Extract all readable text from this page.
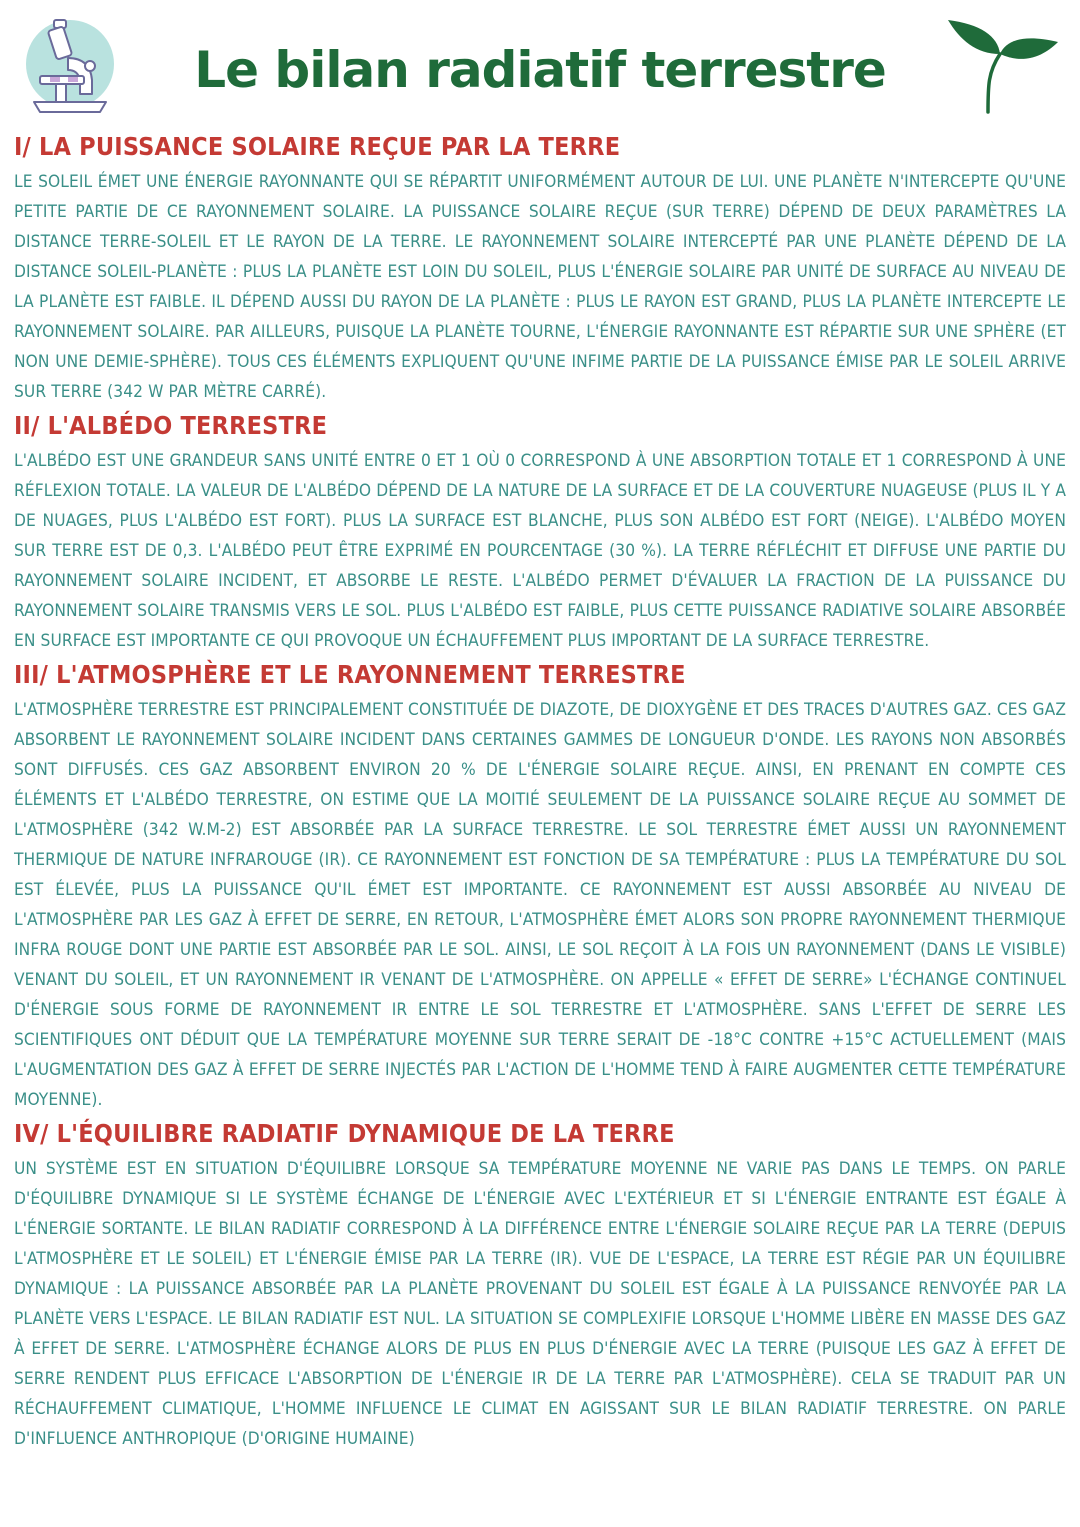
Le bilan radiatif terrestre
I/ LA PUISSANCE SOLAIRE REÇUE PAR LA TERRE

LE SOLEIL ÉMET UNE ÉNERGIE RAYONNANTE QUI SE RÉPARTIT UNIFORMÉMENT AUTOUR DE LUI. UNE PLANÈTE N'INTERCEPTE QU'UNE PETITE PARTIE DE CE RAYONNEMENT SOLAIRE. LA PUISSANCE SOLAIRE REÇUE (SUR TERRE) DÉPEND DE DEUX PARAMÈTRES LA DISTANCE TERRE-SOLEIL ET LE RAYON DE LA TERRE. LE RAYONNEMENT SOLAIRE INTERCEPTÉ PAR UNE PLANÈTE DÉPEND DE LA DISTANCE SOLEIL-PLANÈTE : PLUS LA PLANÈTE EST LOIN DU SOLEIL, PLUS L'ÉNERGIE SOLAIRE PAR UNITÉ DE SURFACE AU NIVEAU DE LA PLANÈTE EST FAIBLE. IL DÉPEND AUSSI DU RAYON DE LA PLANÈTE : PLUS LE RAYON EST GRAND, PLUS LA PLANÈTE INTERCEPTE LE RAYONNEMENT SOLAIRE. PAR AILLEURS, PUISQUE LA PLANÈTE TOURNE, L'ÉNERGIE RAYONNANTE EST RÉPARTIE SUR UNE SPHÈRE (ET NON UNE DEMIE-SPHÈRE). TOUS CES ÉLÉMENTS EXPLIQUENT QU'UNE INFIME PARTIE DE LA PUISSANCE ÉMISE PAR LE SOLEIL ARRIVE SUR TERRE (342 W PAR MÈTRE CARRÉ).

II/ L'ALBÉDO TERRESTRE

L'ALBÉDO EST UNE GRANDEUR SANS UNITÉ ENTRE 0 ET 1 OÙ 0 CORRESPOND À UNE ABSORPTION TOTALE ET 1 CORRESPOND À UNE RÉFLEXION TOTALE. LA VALEUR DE L'ALBÉDO DÉPEND DE LA NATURE DE LA SURFACE ET DE LA COUVERTURE NUAGEUSE (PLUS IL Y A DE NUAGES, PLUS L'ALBÉDO EST FORT). PLUS LA SURFACE EST BLANCHE, PLUS SON ALBÉDO EST FORT (NEIGE). L'ALBÉDO MOYEN SUR TERRE EST DE 0,3. L'ALBÉDO PEUT ÊTRE EXPRIMÉ EN POURCENTAGE (30 %). LA TERRE RÉFLÉCHIT ET DIFFUSE UNE PARTIE DU RAYONNEMENT SOLAIRE INCIDENT, ET ABSORBE LE RESTE. L'ALBÉDO PERMET D'ÉVALUER LA FRACTION DE LA PUISSANCE DU RAYONNEMENT SOLAIRE TRANSMIS VERS LE SOL. PLUS L'ALBÉDO EST FAIBLE, PLUS CETTE PUISSANCE RADIATIVE SOLAIRE ABSORBÉE EN SURFACE EST IMPORTANTE CE QUI PROVOQUE UN ÉCHAUFFEMENT PLUS IMPORTANT DE LA SURFACE TERRESTRE.

III/ L'ATMOSPHÈRE ET LE RAYONNEMENT TERRESTRE

L'ATMOSPHÈRE TERRESTRE EST PRINCIPALEMENT CONSTITUÉE DE DIAZOTE, DE DIOXYGÈNE ET DES TRACES D'AUTRES GAZ. CES GAZ ABSORBENT LE RAYONNEMENT SOLAIRE INCIDENT DANS CERTAINES GAMMES DE LONGUEUR D'ONDE. LES RAYONS NON ABSORBÉS SONT DIFFUSÉS. CES GAZ ABSORBENT ENVIRON 20 % DE L'ÉNERGIE SOLAIRE REÇUE. AINSI, EN PRENANT EN COMPTE CES ÉLÉMENTS ET L'ALBÉDO TERRESTRE, ON ESTIME QUE LA MOITIÉ SEULEMENT DE LA PUISSANCE SOLAIRE REÇUE AU SOMMET DE L'ATMOSPHÈRE (342 W.M-2) EST ABSORBÉE PAR LA SURFACE TERRESTRE. LE SOL TERRESTRE ÉMET AUSSI UN RAYONNEMENT THERMIQUE DE NATURE INFRAROUGE (IR). CE RAYONNEMENT EST FONCTION DE SA TEMPÉRATURE : PLUS LA TEMPÉRATURE DU SOL EST ÉLEVÉE, PLUS LA PUISSANCE QU'IL ÉMET EST IMPORTANTE. CE RAYONNEMENT EST AUSSI ABSORBÉE AU NIVEAU DE L'ATMOSPHÈRE PAR LES GAZ À EFFET DE SERRE, EN RETOUR, L'ATMOSPHÈRE ÉMET ALORS SON PROPRE RAYONNEMENT THERMIQUE INFRA ROUGE DONT UNE PARTIE EST ABSORBÉE PAR LE SOL. AINSI, LE SOL REÇOIT À LA FOIS UN RAYONNEMENT (DANS LE VISIBLE) VENANT DU SOLEIL, ET UN RAYONNEMENT IR VENANT DE L'ATMOSPHÈRE. ON APPELLE « EFFET DE SERRE» L'ÉCHANGE CONTINUEL D'ÉNERGIE SOUS FORME DE RAYONNEMENT IR ENTRE LE SOL TERRESTRE ET L'ATMOSPHÈRE. SANS L'EFFET DE SERRE LES SCIENTIFIQUES ONT DÉDUIT QUE LA TEMPÉRATURE MOYENNE SUR TERRE SERAIT DE -18°C CONTRE +15°C ACTUELLEMENT (MAIS L'AUGMENTATION DES GAZ À EFFET DE SERRE INJECTÉS PAR L'ACTION DE L'HOMME TEND À FAIRE AUGMENTER CETTE TEMPÉRATURE MOYENNE).

IV/ L'ÉQUILIBRE RADIATIF DYNAMIQUE DE LA TERRE

UN SYSTÈME EST EN SITUATION D'ÉQUILIBRE LORSQUE SA TEMPÉRATURE MOYENNE NE VARIE PAS DANS LE TEMPS. ON PARLE D'ÉQUILIBRE DYNAMIQUE SI LE SYSTÈME ÉCHANGE DE L'ÉNERGIE AVEC L'EXTÉRIEUR ET SI L'ÉNERGIE ENTRANTE EST ÉGALE À L'ÉNERGIE SORTANTE. LE BILAN RADIATIF CORRESPOND À LA DIFFÉRENCE ENTRE L'ÉNERGIE SOLAIRE REÇUE PAR LA TERRE (DEPUIS L'ATMOSPHÈRE ET LE SOLEIL) ET L'ÉNERGIE ÉMISE PAR LA TERRE (IR). VUE DE L'ESPACE, LA TERRE EST RÉGIE PAR UN ÉQUILIBRE DYNAMIQUE : LA PUISSANCE ABSORBÉE PAR LA PLANÈTE PROVENANT DU SOLEIL EST ÉGALE À LA PUISSANCE RENVOYÉE PAR LA PLANÈTE VERS L'ESPACE. LE BILAN RADIATIF EST NUL. LA SITUATION SE COMPLEXIFIE LORSQUE L'HOMME LIBÈRE EN MASSE DES GAZ À EFFET DE SERRE. L'ATMOSPHÈRE ÉCHANGE ALORS DE PLUS EN PLUS D'ÉNERGIE AVEC LA TERRE (PUISQUE LES GAZ À EFFET DE SERRE RENDENT PLUS EFFICACE L'ABSORPTION DE L'ÉNERGIE IR DE LA TERRE PAR L'ATMOSPHÈRE). CELA SE TRADUIT PAR UN RÉCHAUFFEMENT CLIMATIQUE, L'HOMME INFLUENCE LE CLIMAT EN AGISSANT SUR LE BILAN RADIATIF TERRESTRE. ON PARLE D'INFLUENCE ANTHROPIQUE (D'ORIGINE HUMAINE)
